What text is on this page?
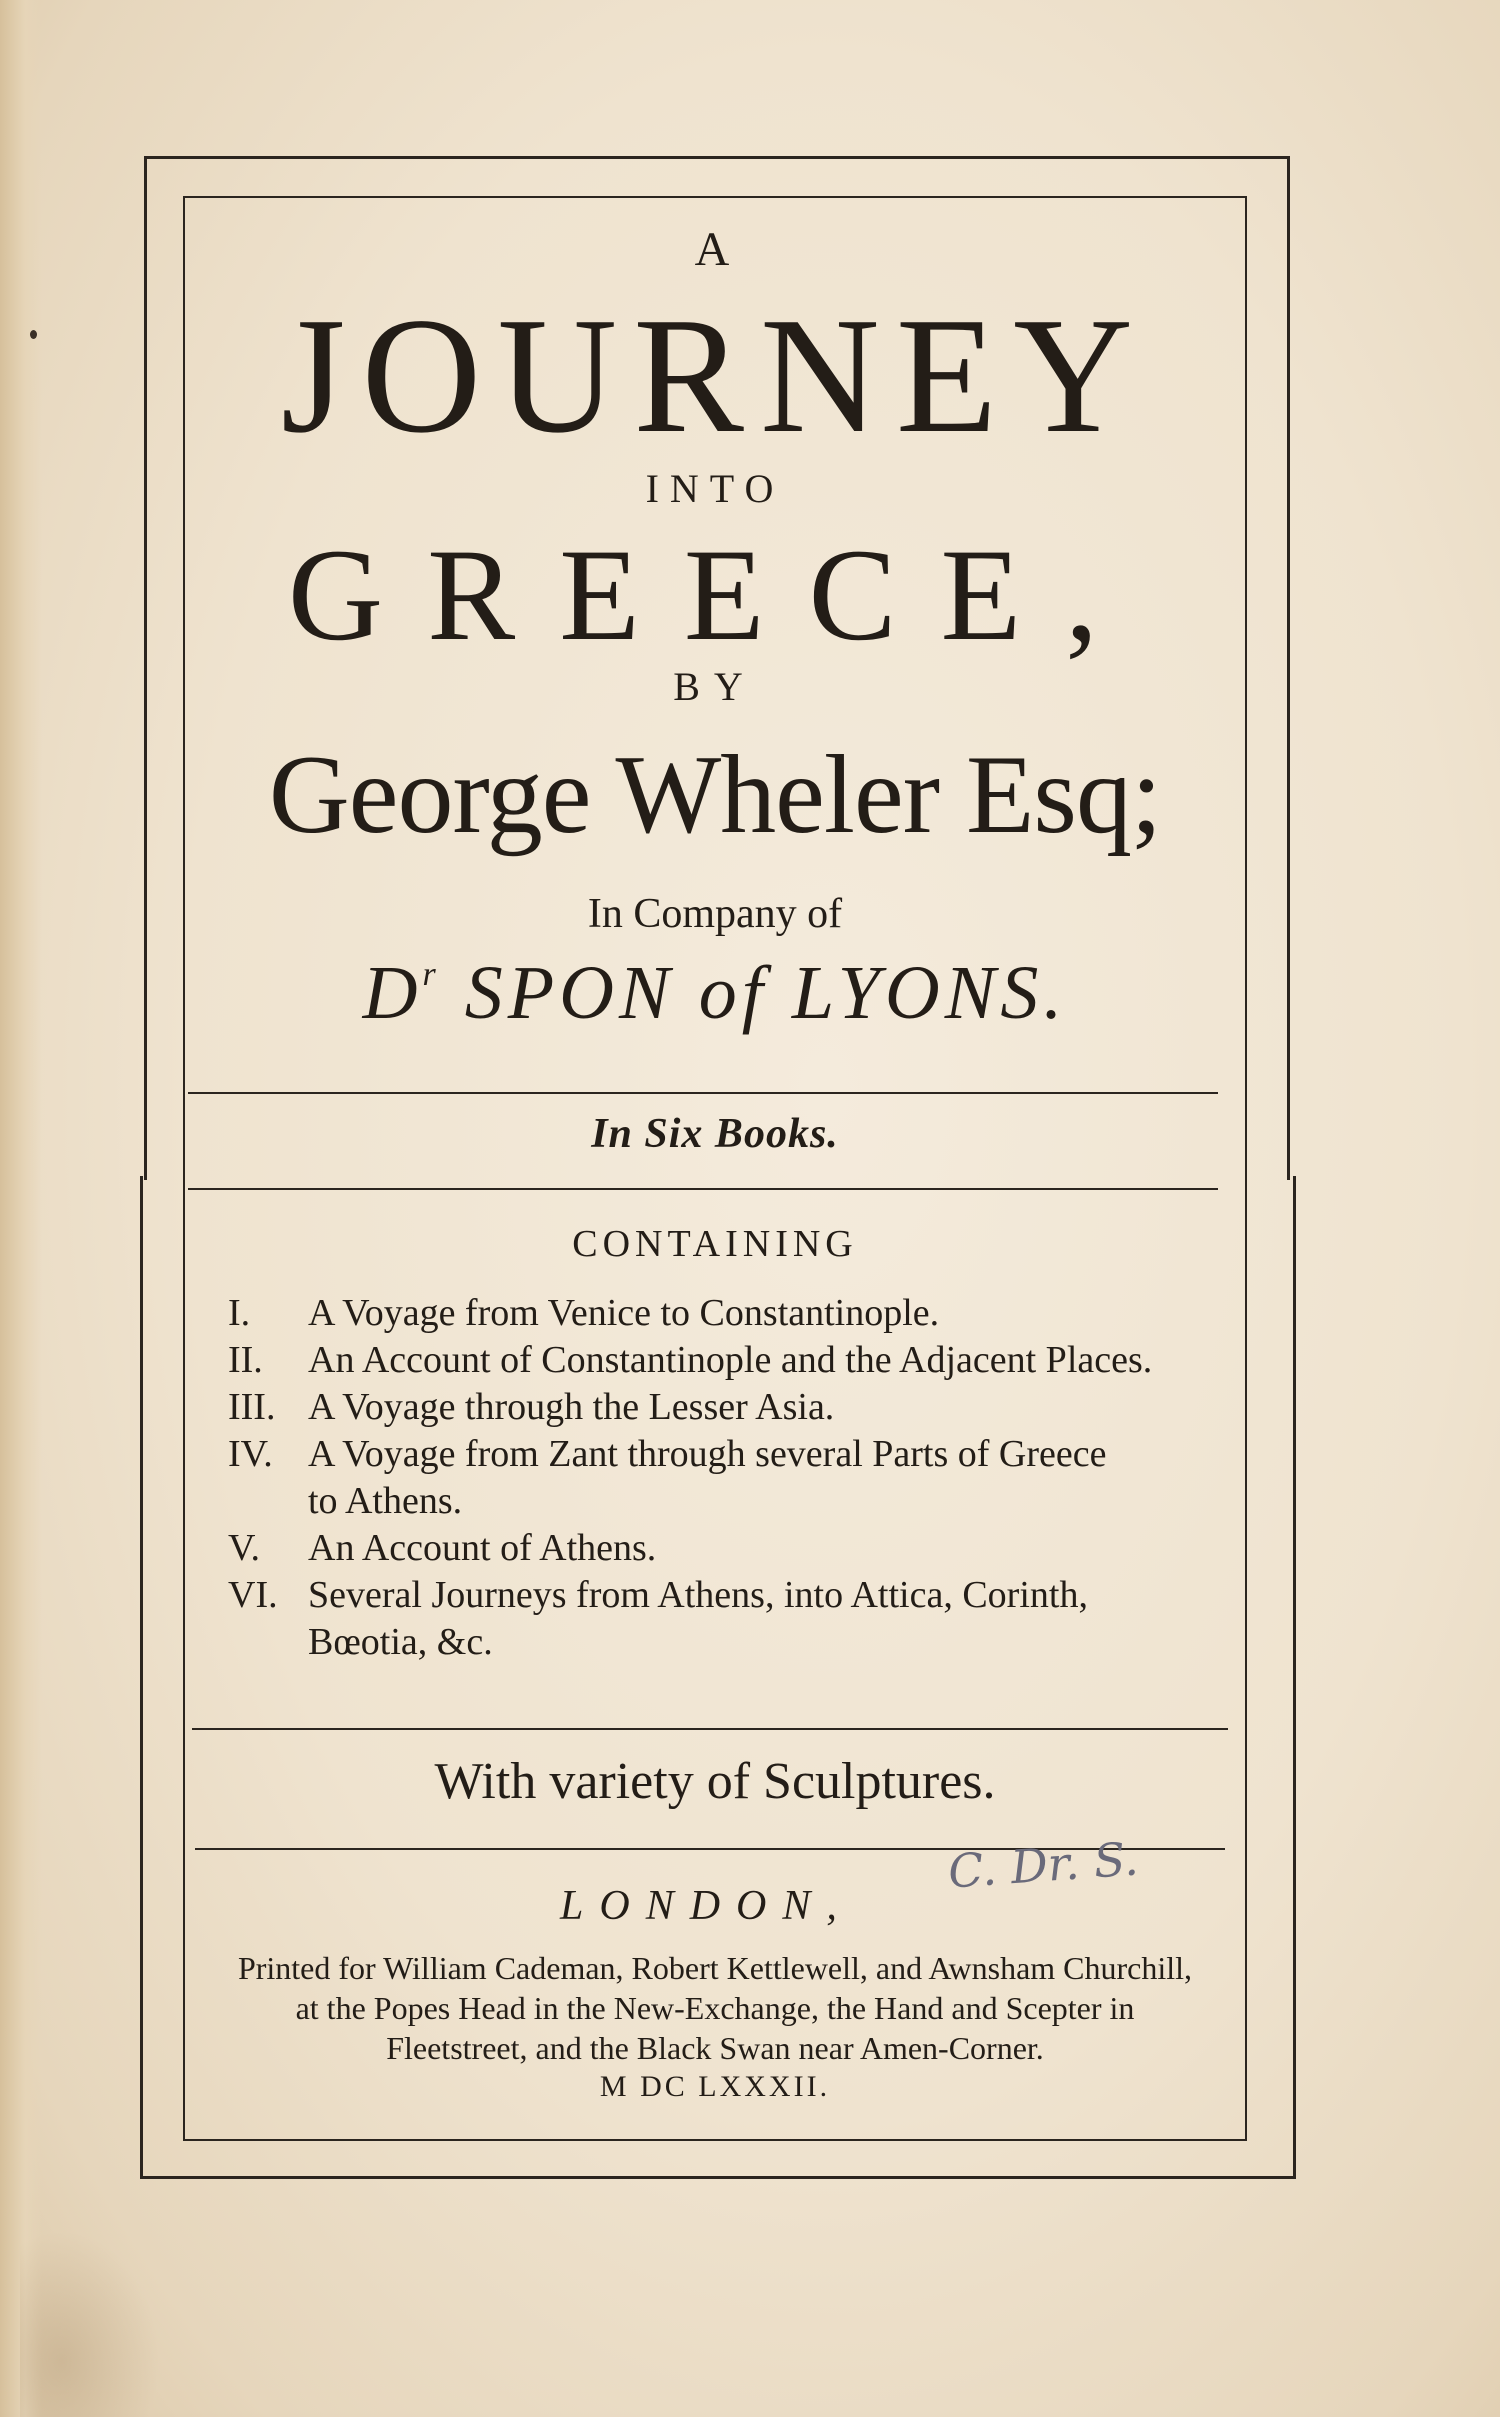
A
JOURNEY
INTO
GREECE,
BY
George Wheler Esq;
In Company of
$D^r$ SPON of LYONS.
In Six Books.
CONTAINING
I.	A Voyage from Venice to Constantinople.
II.	An Account of Constantinople and the Adjacent Places.
III. A Voyage through the Lesser Asia.
IV. A Voyage from Zant through several Parts of Greece
to Athens.
V.	An Account of Athens.
VI. Several Journeys from Athens, into Attica, Corinth,
Bœotia, &c.
With variety of Sculptures.
LONDON,
C. Dr. S.
Printed for William Cademan, Robert Kettlewell, and Awnsham Churchill,
at the Popes Head in the New-Exchange, the Hand and Scepter in
Fleetstreet, and the Black Swan near Amen-Corner.
M DC LXXXII.
